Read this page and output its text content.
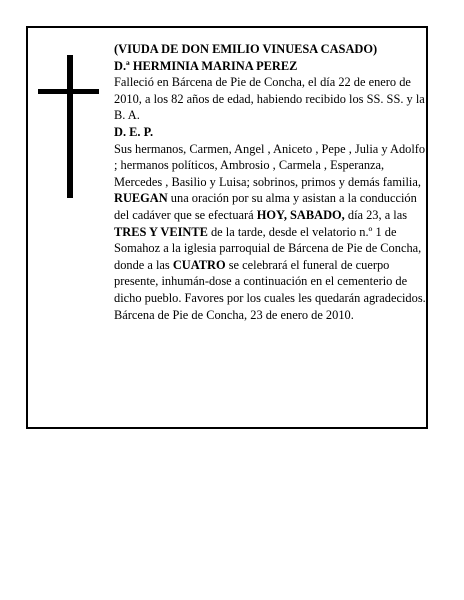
(VIUDA DE DON EMILIO VINUESA CASADO)

D.ª HERMINIA MARINA PEREZ

Falleció en Bárcena de Pie de Concha, el día 22 de enero de 2010, a los 82 años de edad, habiendo recibido los SS. SS. y la B. A.

D. E. P.

Sus hermanos, Carmen, Angel , Aniceto , Pepe , Julia y Adolfo ; hermanos políticos, Ambrosio , Carmela , Esperanza, Mercedes , Basilio y Luisa; sobrinos, primos y demás familia,

RUEGAN una oración por su alma y asistan a la conducción del cadáver que se efectuará HOY, SABADO, día 23, a las TRES Y VEINTE de la tarde, desde el velatorio n.º 1 de Somahoz a la iglesia parroquial de Bárcena de Pie de Concha, donde a las CUATRO se celebrará el funeral de cuerpo presente, inhumán-dose a continuación en el cementerio de dicho pueblo. Favores por los cuales les quedarán agradecidos.

Bárcena de Pie de Concha, 23 de enero de 2010.
